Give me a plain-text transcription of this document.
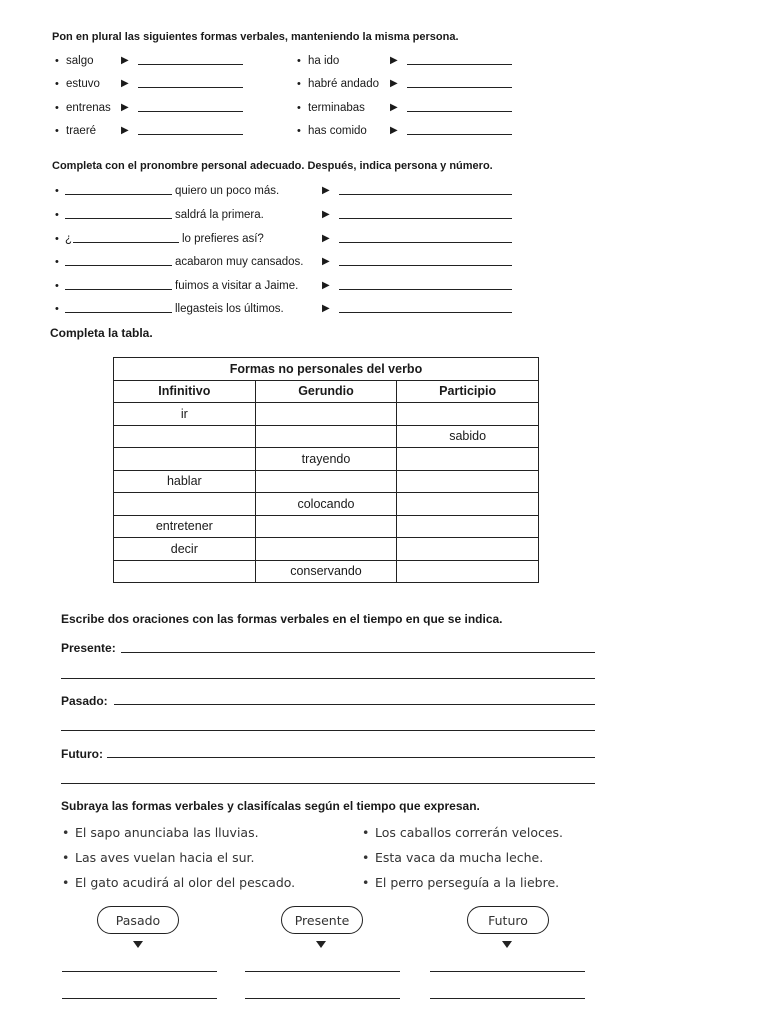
Pon en plural las siguientes formas verbales, manteniendo la misma persona.
• salgo	▶
• estuvo ▶
• entrenas ▶
• traeré ▶
• ha ido	▶
• habré andado ▶
• terminabas	▶
• has comido ▶
Completa con el pronombre personal adecuado. Después, indica persona y número.
•	quiero un poco más.	▶
•	saldrá la primera.	▶
• ¿	lo prefieres así?	▶
•	acabaron muy cansados. ▶
•	fuimos a visitar a Jaime. ▶
•	llegasteis los últimos.	▶
Completa la tabla.
Formas no personales del verbo		
Infinitivo	Gerundio	Participio
ir		
		sabido
	trayendo	
hablar		
	colocando	
entretener		
decir		
	conservando	
Escribe dos oraciones con las formas verbales en el tiempo en que se indica.
Presente:
Pasado:
Futuro:
Subraya las formas verbales y clasifícalas según el tiempo que expresan.
• El sapo anunciaba las lluvias.
• Las aves vuelan hacia el sur.
• El gato acudirá al olor del pescado.
• Los caballos correrán veloces.
• Esta vaca da mucha leche.
• El perro perseguía a la liebre.
Pasado	Presente	Futuro
